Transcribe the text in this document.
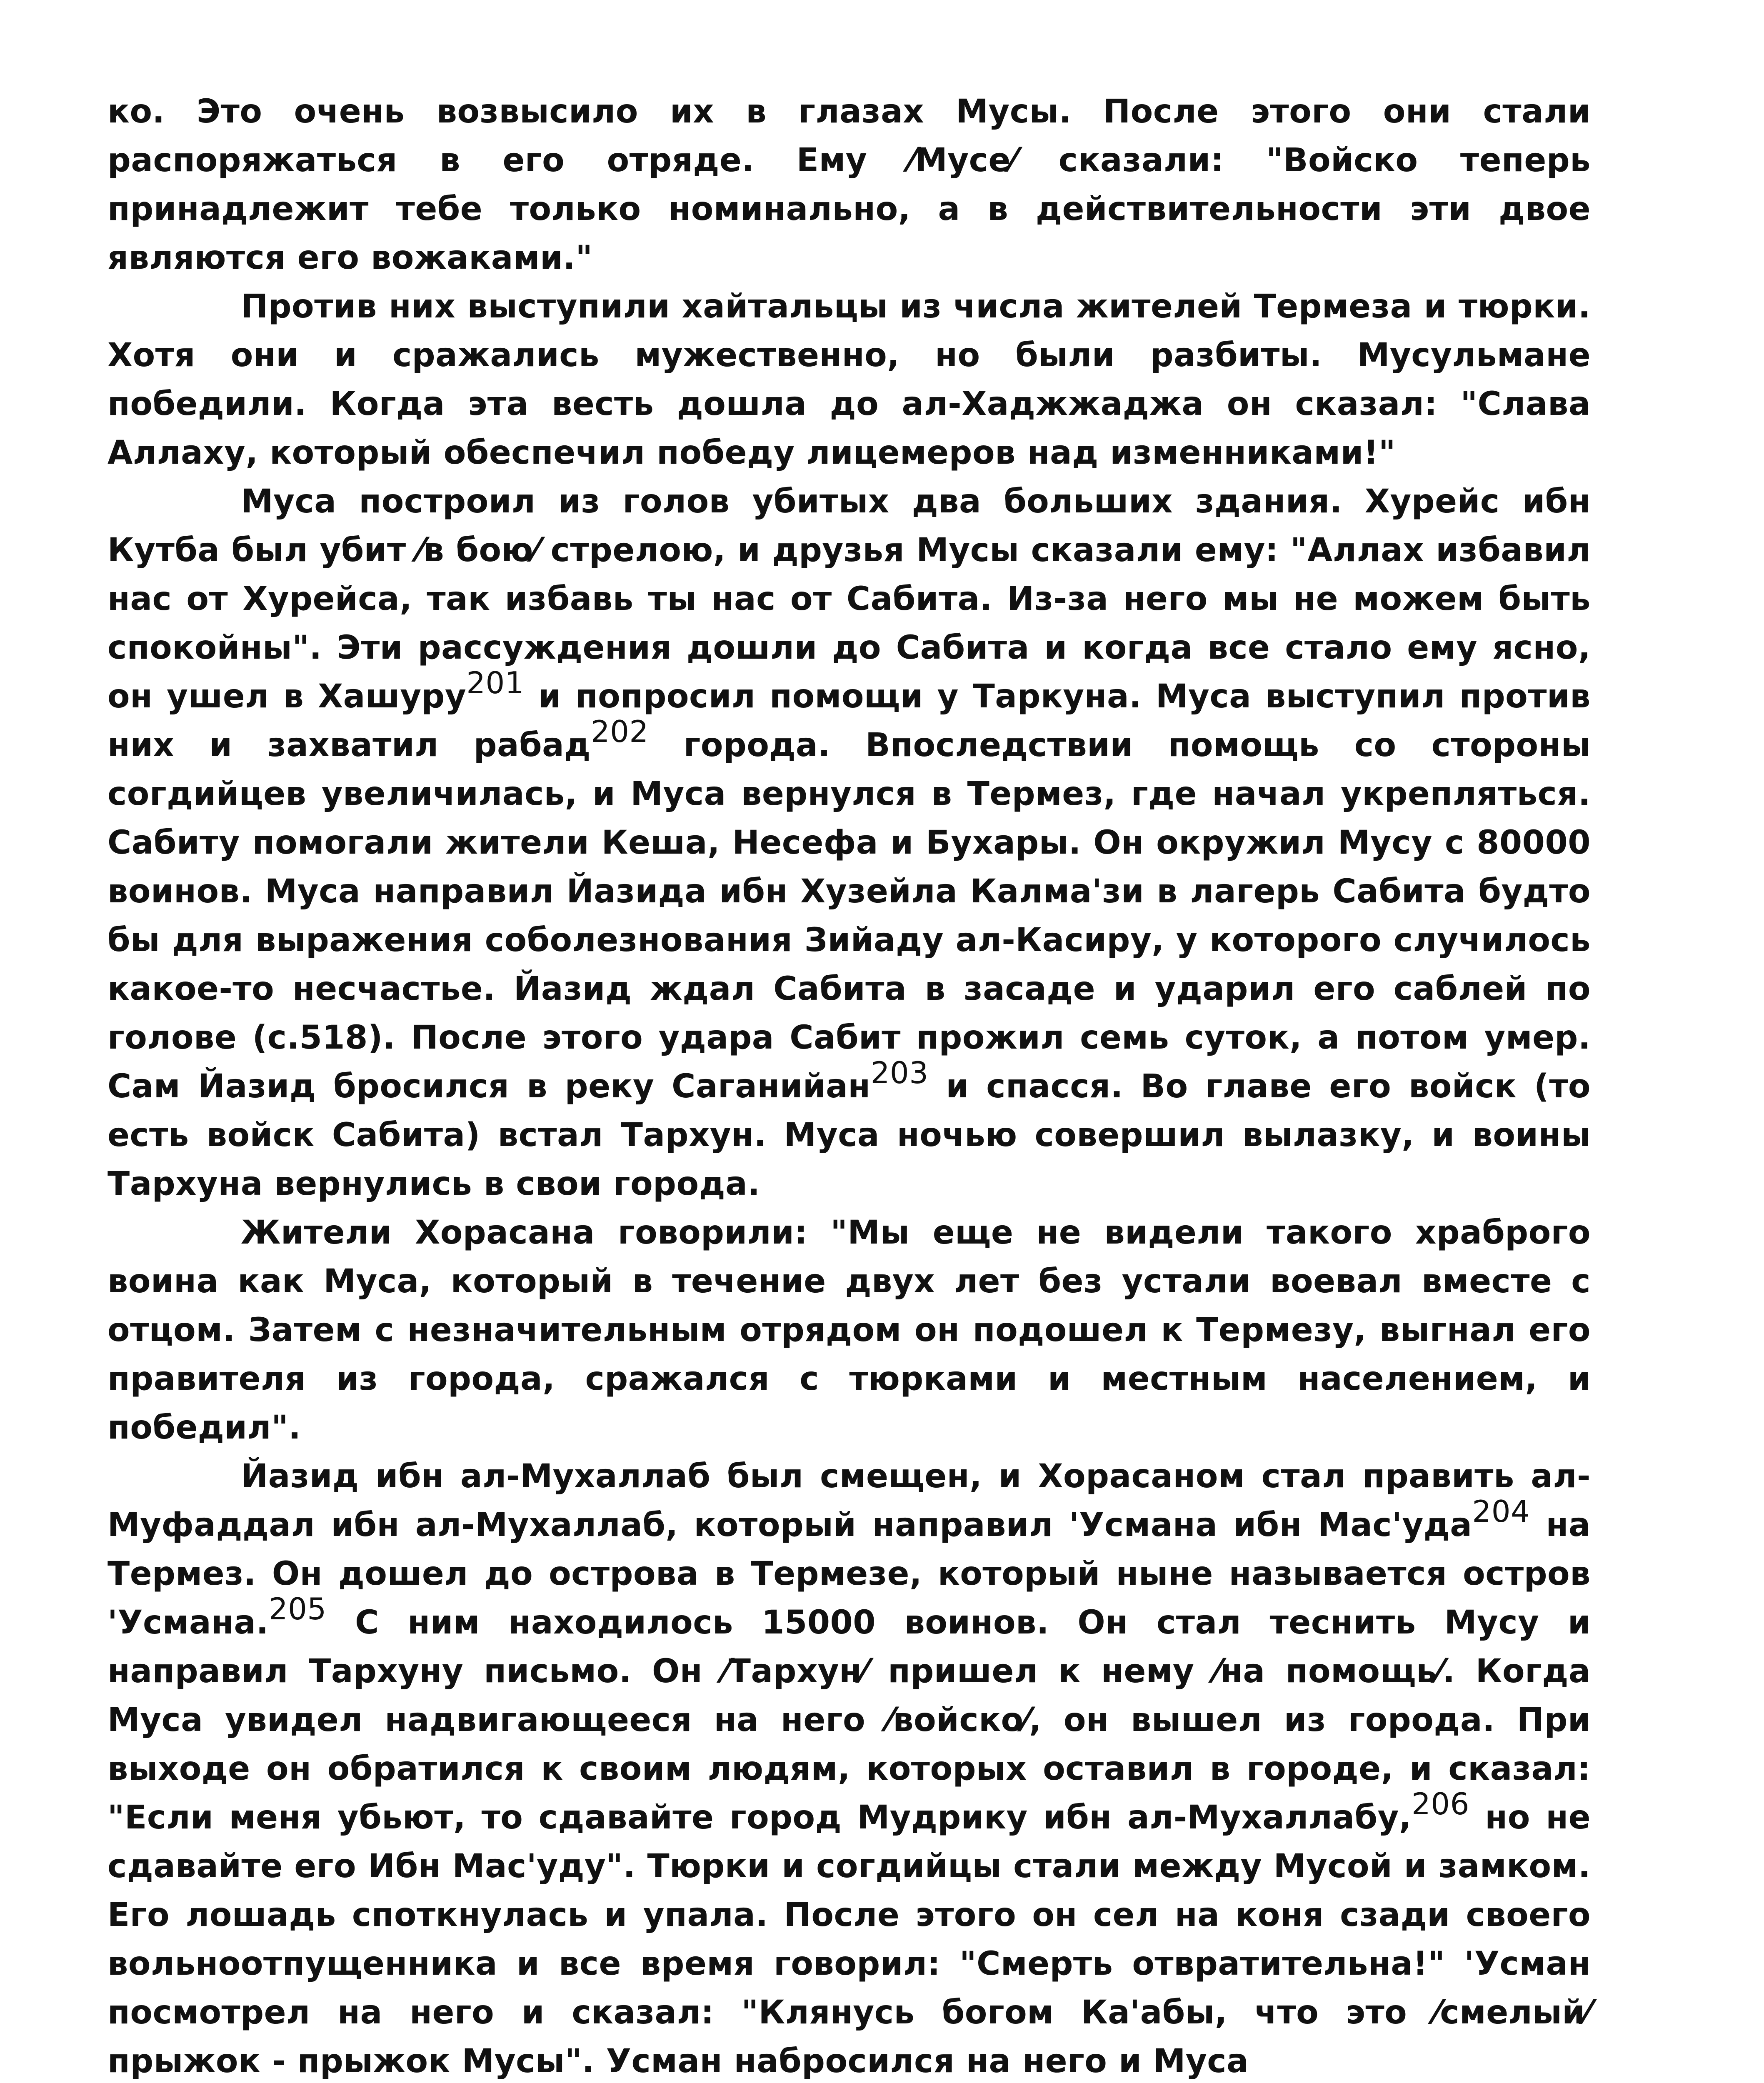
ко. Это очень возвысило их в глазах Мусы. После этого они стали распоряжаться в его отряде. Ему ⁄Мусе⁄ сказали: "Войско теперь принадлежит тебе только номинально, а в действительности эти двое являются его вожаками."

Против них выступили хайтальцы из числа жителей Термеза и тюрки. Хотя они и сражались мужественно, но были разбиты. Мусульмане победили. Когда эта весть дошла до ал-Хаджжаджа он сказал: "Слава Аллаху, который обеспечил победу лицемеров над изменниками!"

Муса построил из голов убитых два больших здания. Хурейс ибн Кутба был убит ⁄в бою⁄ стрелою, и друзья Мусы сказали ему: "Аллах избавил нас от Хурейса, так избавь ты нас от Сабита. Из-за него мы не можем быть спокойны". Эти рассуждения дошли до Сабита и когда все стало ему ясно, он ушел в Хашуру201 и попросил помощи у Таркуна. Муса выступил против них и захватил рабад202 города. Впоследствии помощь со стороны согдийцев увеличилась, и Муса вернулся в Термез, где начал укрепляться. Сабиту помогали жители Кеша, Несефа и Бухары. Он окружил Мусу с 80000 воинов. Муса направил Йазида ибн Хузейла Калма'зи в лагерь Сабита будто бы для выражения соболезнования Зийаду ал-Касиру, у которого случилось какое-то несчастье. Йазид ждал Сабита в засаде и ударил его саблей по голове (с.518). После этого удара Сабит прожил семь суток, а потом умер. Сам Йазид бросился в реку Саганийан203 и спасся. Во главе его войск (то есть войск Сабита) встал Тархун. Муса ночью совершил вылазку, и воины Тархуна вернулись в свои города.

Жители Хорасана говорили: "Мы еще не видели такого храброго воина как Муса, который в течение двух лет без устали воевал вместе с отцом. Затем с незначительным отрядом он подошел к Термезу, выгнал его правителя из города, сражался с тюрками и местным населением, и победил".

Йазид ибн ал-Мухаллаб был смещен, и Хорасаном стал править ал-Муфаддал ибн ал-Мухаллаб, который направил 'Усмана ибн Мас'уда204 на Термез. Он дошел до острова в Термезе, который ныне называется остров 'Усмана.205 С ним находилось 15000 воинов. Он стал теснить Мусу и направил Тархуну письмо. Он ⁄Тархун⁄ пришел к нему ⁄на помощь⁄. Когда Муса увидел надвигающееся на него ⁄войско⁄, он вышел из города. При выходе он обратился к своим людям, которых оставил в городе, и сказал: "Если меня убьют, то сдавайте город Мудрику ибн ал-Мухаллабу,206 но не сдавайте его Ибн Мас'уду". Тюрки и согдийцы стали между Мусой и замком. Его лошадь споткнулась и упала. После этого он сел на коня сзади своего вольноотпущенника и все время говорил: "Смерть отвратительна!" 'Усман посмотрел на него и сказал: "Клянусь богом Ка'абы, что это ⁄смелый⁄ прыжок - прыжок Мусы". Усман набросился на него и Муса
